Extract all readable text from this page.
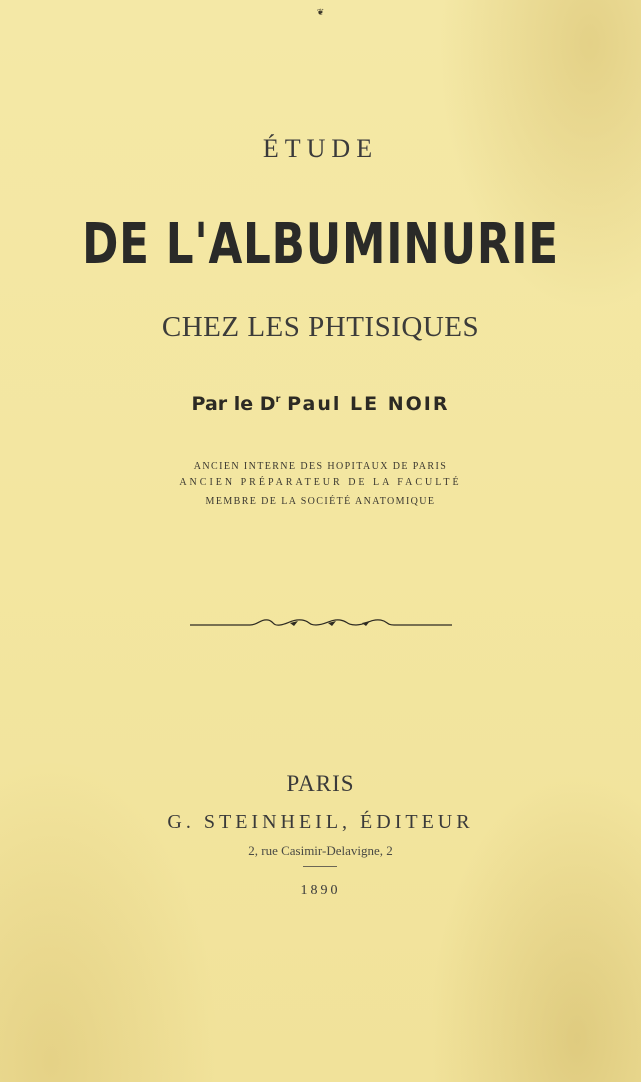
❦
ÉTUDE
DE L'ALBUMINURIE
CHEZ LES PHTISIQUES
Par le $D^r$ Paul LE NOIR
ANCIEN INTERNE DES HOPITAUX DE PARIS
ANCIEN PRÉPARATEUR DE LA FACULTÉ
MEMBRE DE LA SOCIÉTÉ ANATOMIQUE
PARIS
G. STEINHEIL, ÉDITEUR
2, rue Casimir-Delavigne, 2
1890
